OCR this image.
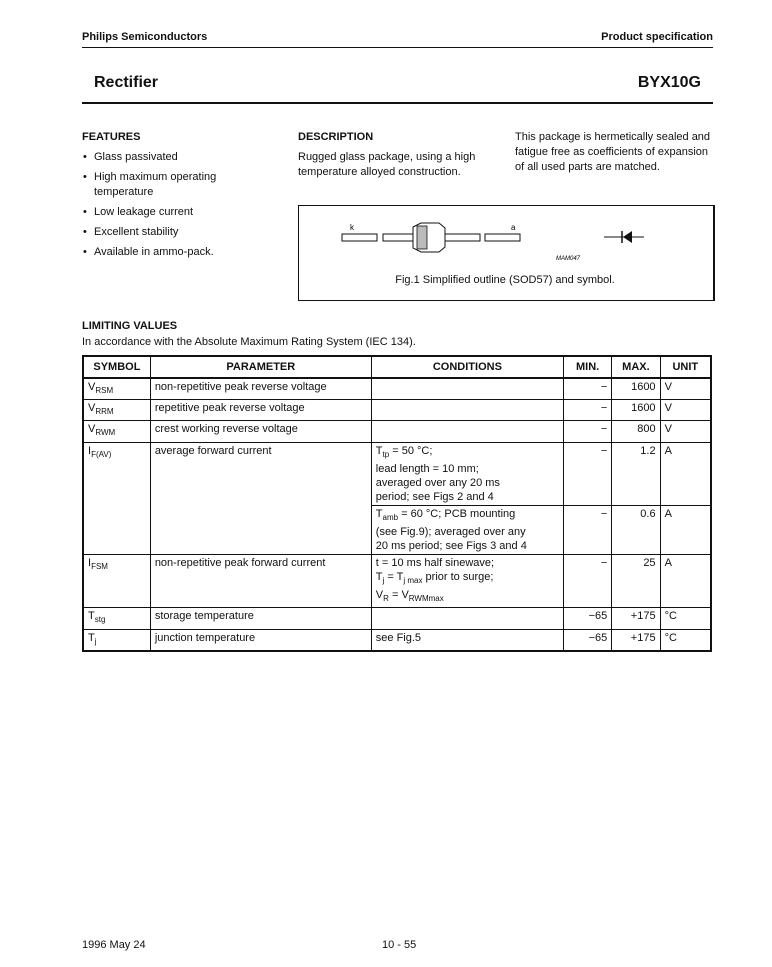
Philips Semiconductors	Product specification
Rectifier	BYX10G
FEATURES
• Glass passivated
• High maximum operating temperature
• Low leakage current
• Excellent stability
• Available in ammo-pack.
DESCRIPTION

Rugged glass package, using a high temperature alloyed construction.

This package is hermetically sealed and fatigue free as coefficients of expansion of all used parts are matched.
k	a
MAM047
Fig.1 Simplified outline (SOD57) and symbol.
LIMITING VALUES
In accordance with the Absolute Maximum Rating System (IEC 134).
SYMBOL	PARAMETER	CONDITIONS	MIN.	MAX.	UNIT
$V_{RSM}$	non-repetitive peak reverse voltage		−	1600	V
$V_{RRM}$	repetitive peak reverse voltage		−	1600	V
$V_{RWM}$	crest working reverse voltage		−	800	V
$I_{F(AV)}$	average forward current	$T_{tp} = 50$ °C;
lead length = 10 mm;
averaged over any 20 ms
period; see Figs 2 and 4	−	1.2	A
		$T_{amb} = 60$ °C; PCB mounting
(see Fig.9); averaged over any
20 ms period; see Figs 3 and 4	−	0.6	A
$I_{FSM}$	non-repetitive peak forward current	t = 10 ms half sinewave;
$T_j = T_{j max}$ prior to surge;
$V_R = V_{RWMmax}$	−	25	A
$T_{stg}$	storage temperature		−65	+175	°C
$T_j$	junction temperature	see Fig.5	−65	+175	°C
1996 May 24	10 - 55
